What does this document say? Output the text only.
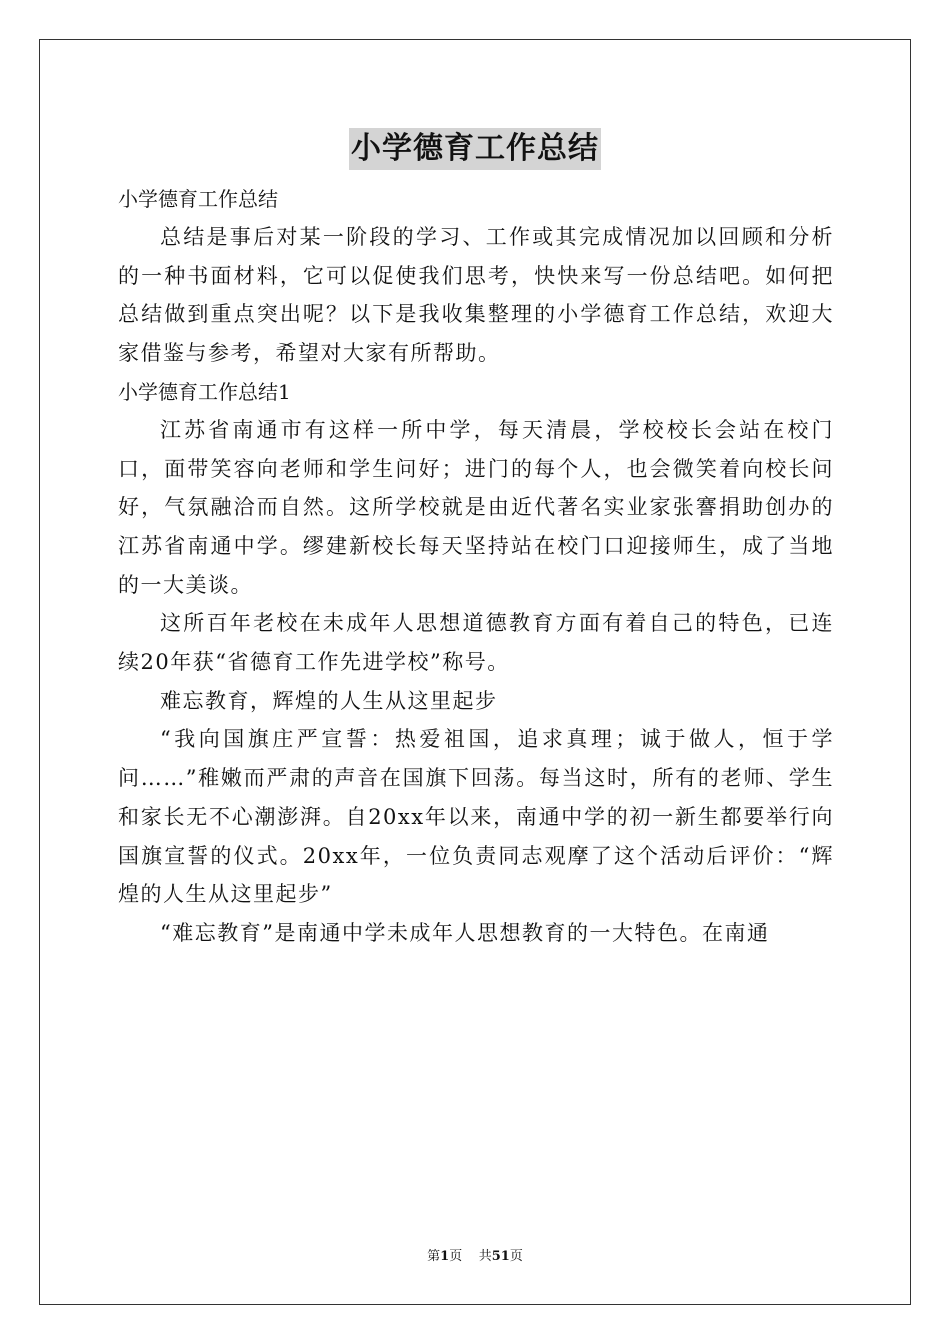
小学德育工作总结

小学德育工作总结

总结是事后对某一阶段的学习、工作或其完成情况加以回顾和分析的一种书面材料，它可以促使我们思考，快快来写一份总结吧。如何把总结做到重点突出呢？以下是我收集整理的小学德育工作总结，欢迎大家借鉴与参考，希望对大家有所帮助。

小学德育工作总结1

江苏省南通市有这样一所中学，每天清晨，学校校长会站在校门口，面带笑容向老师和学生问好；进门的每个人，也会微笑着向校长问好，气氛融洽而自然。这所学校就是由近代著名实业家张謇捐助创办的江苏省南通中学。缪建新校长每天坚持站在校门口迎接师生，成了当地的一大美谈。

这所百年老校在未成年人思想道德教育方面有着自己的特色，已连续20年获“省德育工作先进学校”称号。

难忘教育，辉煌的人生从这里起步

“我向国旗庄严宣誓：热爱祖国，追求真理；诚于做人，恒于学问……”稚嫩而严肃的声音在国旗下回荡。每当这时，所有的老师、学生和家长无不心潮澎湃。自20xx年以来，南通中学的初一新生都要举行向国旗宣誓的仪式。20xx年，一位负责同志观摩了这个活动后评价：“辉煌的人生从这里起步”

“难忘教育”是南通中学未成年人思想教育的一大特色。在南通

第1页 共51页
